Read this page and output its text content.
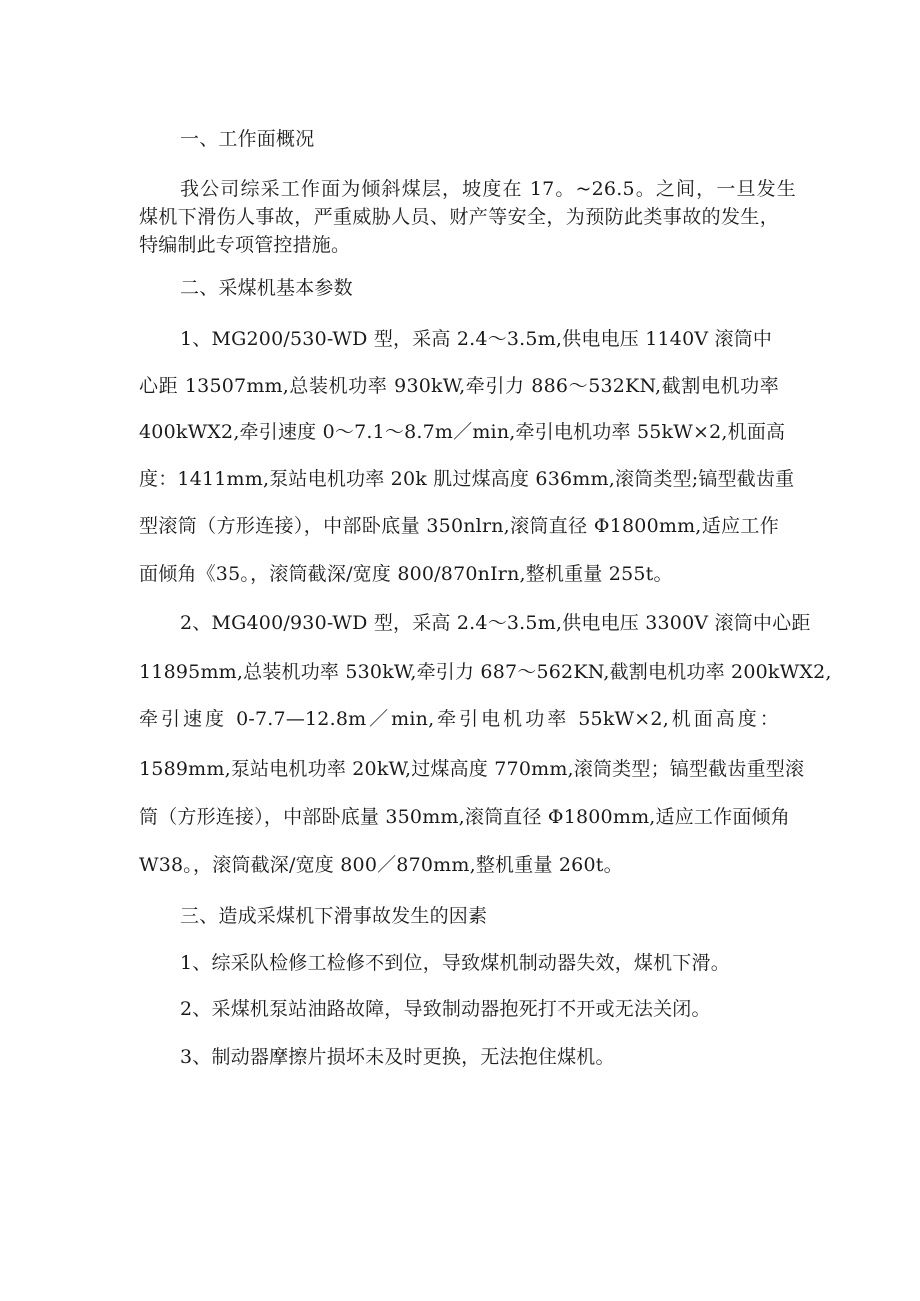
一、工作面概况
我公司综采工作面为倾斜煤层，坡度在 17。~26.5。之间，一旦发生
煤机下滑伤人事故，严重威胁人员、财产等安全，为预防此类事故的发生，
特编制此专项管控措施。
二、采煤机基本参数
1、MG200/530-WD 型，采高 2.4～3.5m,供电电压 1140V 滚筒中
心距 13507mm,总装机功率 930kW,牵引力 886～532KN,截割电机功率
400kWX2,牵引速度 0～7.1～8.7m／min,牵引电机功率 55kW×2,机面高
度：1411mm,泵站电机功率 20k 肌过煤高度 636mm,滚筒类型;镐型截齿重
型滚筒（方形连接），中部卧底量 350nlrn,滚筒直径 Φ1800mm,适应工作
面倾角《35。，滚筒截深/宽度 800/870nIrn,整机重量 255t。
2、MG400/930-WD 型，采高 2.4～3.5m,供电电压 3300V 滚筒中心距
11895mm,总装机功率 530kW,牵引力 687～562KN,截割电机功率 200kWX2,
牵引速度 0-7.7—12.8m／min,牵引电机功率 55kW×2,机面高度：
1589mm,泵站电机功率 20kW,过煤高度 770mm,滚筒类型；镐型截齿重型滚
筒（方形连接），中部卧底量 350mm,滚筒直径 Φ1800mm,适应工作面倾角
W38。，滚筒截深/宽度 800／870mm,整机重量 260t。
三、造成采煤机下滑事故发生的因素
1、综采队检修工检修不到位，导致煤机制动器失效，煤机下滑。
2、采煤机泵站油路故障，导致制动器抱死打不开或无法关闭。
3、制动器摩擦片损坏未及时更换，无法抱住煤机。
